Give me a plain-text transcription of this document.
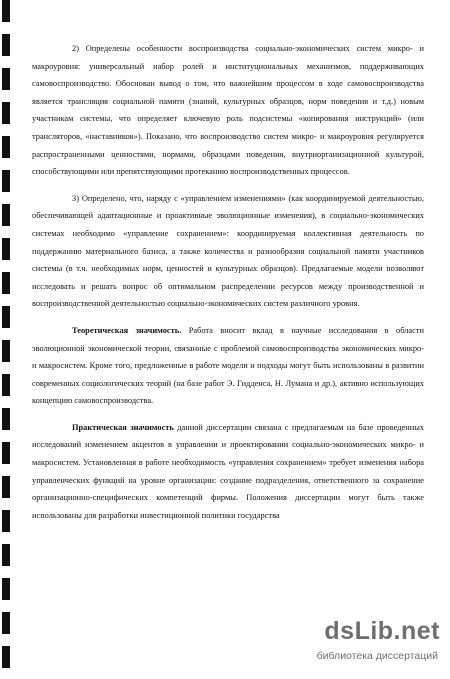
2) Определены особенности воспроизводства социально-экономических систем микро- и макроуровня: универсальный набор ролей и институциональных механизмов, поддерживающих самовоспроизводство. Обоснован вывод о том, что важнейшим процессом в ходе самовоспроизводства является трансляция социальной памяти (знаний, культурных образцов, норм поведения и т.д.) новым участникам системы, что определяет ключевую роль подсистемы «копирования инструкций» (или трансляторов, «наставников»). Показано, что воспроизводство систем микро- и макроуровня регулируется распространенными ценностями, нормами, образцами поведения, внутриорганизационной культурой, способствующими или препятствующими протеканию воспроизводственных процессов.

3) Определено, что, наряду с «управлением изменениями» (как координируемой деятельностью, обеспечивающей адаптационные и проактивные эволюционные изменения), в социально-экономических системах необходимо «управление сохранением»: координируемая коллективная деятельность по поддержанию материального базиса, а также количества и разнообразия социальной памяти участников системы (в т.ч. необходимых норм, ценностей и культурных образцов). Предлагаемые модели позволяют исследовать и решать вопрос об оптимальном распределении ресурсов между производственной и воспроизводственной деятельностью социально-экономических систем различного уровня.

Теоретическая значимость. Работа вносит вклад в научные исследования в области эволюционной экономической теории, связанные с проблемой самовоспроизводства экономических микро- и макросистем. Кроме того, предложенные в работе модели и подходы могут быть использованы в развитии современных социологических теорий (на базе работ Э. Гидденса, Н. Лумана и др.), активно использующих концепцию самовоспроизводства.

Практическая значимость данной диссертации связана с предлагаемым на базе проведенных исследований изменением акцентов в управлении и проектировании социально-экономических микро- и макросистем. Установленная в работе необходимость «управления сохранением» требует изменения набора управленческих функций на уровне организации: создание подразделения, ответственного за сохранение организационно-специфических компетенций фирмы. Положения диссертации могут быть также использованы для разработки инвестиционной политики государства

dsLib.net
библиотека диссертаций
